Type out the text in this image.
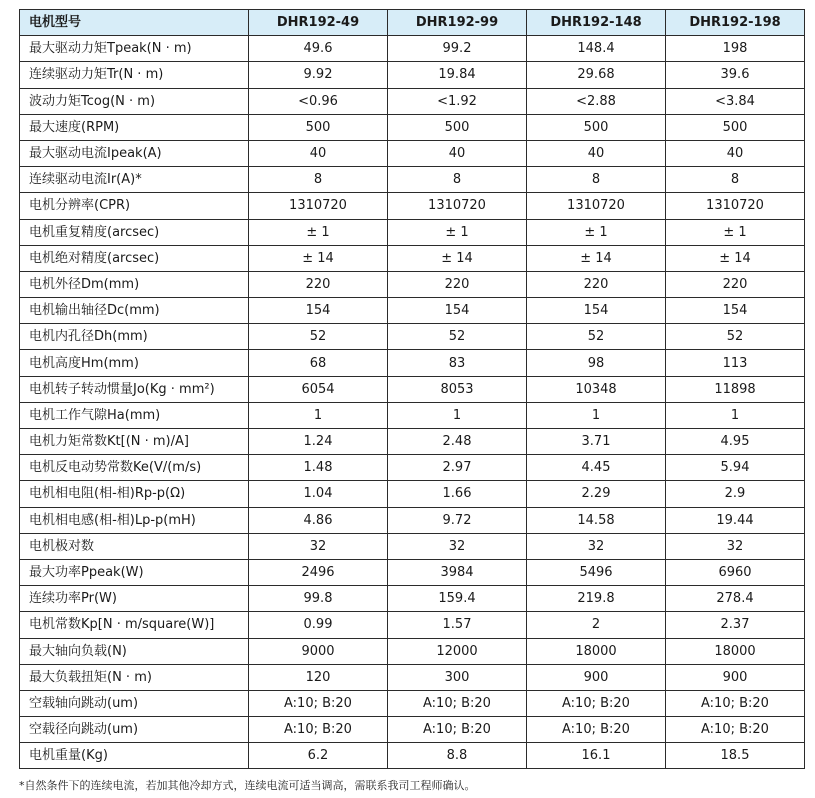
电机型号	DHR192-49	DHR192-99	DHR192-148	DHR192-198
最大驱动力矩Tpeak(N · m)	49.6	99.2	148.4	198
连续驱动力矩Tr(N · m)	9.92	19.84	29.68	39.6
波动力矩Tcog(N · m)	<0.96	<1.92	<2.88	<3.84
最大速度(RPM)	500	500	500	500
最大驱动电流Ipeak(A)	40	40	40	40
连续驱动电流Ir(A)*	8	8	8	8
电机分辨率(CPR)	1310720	1310720	1310720	1310720
电机重复精度(arcsec)	± 1	± 1	± 1	± 1
电机绝对精度(arcsec)	± 14	± 14	± 14	± 14
电机外径Dm(mm)	220	220	220	220
电机输出轴径Dc(mm)	154	154	154	154
电机内孔径Dh(mm)	52	52	52	52
电机高度Hm(mm)	68	83	98	113
电机转子转动惯量Jo(Kg · mm²)	6054	8053	10348	11898
电机工作气隙Ha(mm)	1	1	1	1
电机力矩常数Kt[(N · m)/A]	1.24	2.48	3.71	4.95
电机反电动势常数Ke(V/(m/s)	1.48	2.97	4.45	5.94
电机相电阻(相-相)Rp-p(Ω)	1.04	1.66	2.29	2.9
电机相电感(相-相)Lp-p(mH)	4.86	9.72	14.58	19.44
电机极对数	32	32	32	32
最大功率Ppeak(W)	2496	3984	5496	6960
连续功率Pr(W)	99.8	159.4	219.8	278.4
电机常数Kp[N · m/square(W)]	0.99	1.57	2	2.37
最大轴向负载(N)	9000	12000	18000	18000
最大负载扭矩(N · m)	120	300	900	900
空载轴向跳动(um)	A:10; B:20	A:10; B:20	A:10; B:20	A:10; B:20
空载径向跳动(um)	A:10; B:20	A:10; B:20	A:10; B:20	A:10; B:20
电机重量(Kg)	6.2	8.8	16.1	18.5
*自然条件下的连续电流，若加其他冷却方式，连续电流可适当调高，需联系我司工程师确认。
